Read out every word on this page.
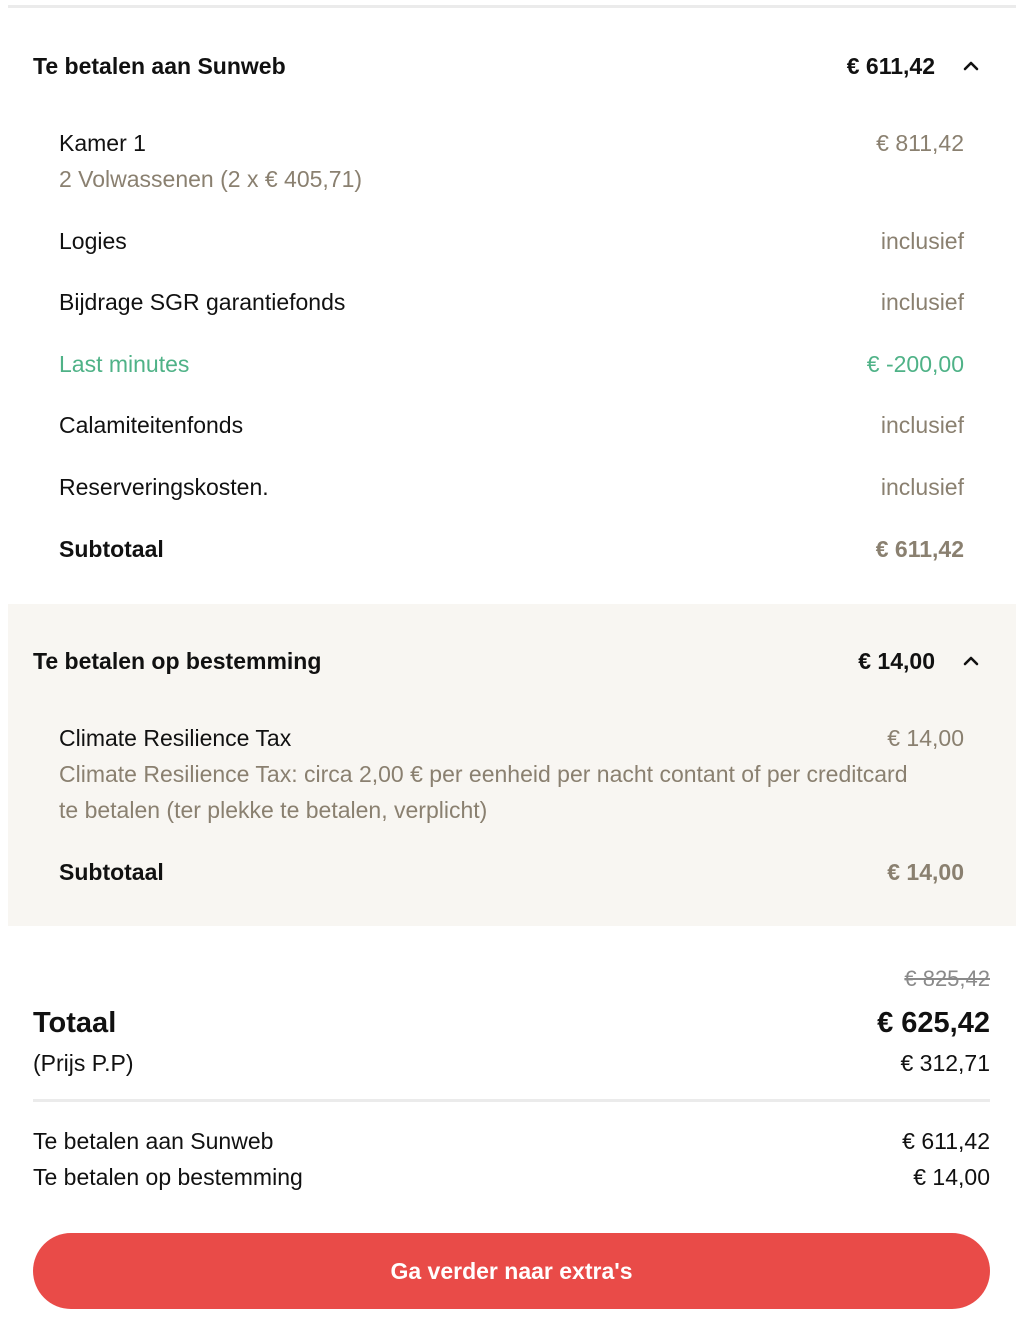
Te betalen aan Sunweb	€ 611,42
Kamer 1	€ 811,42
2 Volwassenen (2 x € 405,71)
Logies	inclusief
Bijdrage SGR garantiefonds	inclusief
Last minutes	€ -200,00
Calamiteitenfonds	inclusief
Reserveringskosten.	inclusief
Subtotaal	€ 611,42
Te betalen op bestemming	€ 14,00
Climate Resilience Tax	€ 14,00
Climate Resilience Tax: circa 2,00 € per eenheid per nacht contant of per creditcard te betalen (ter plekke te betalen, verplicht)
Subtotaal	€ 14,00
€ 825,42
Totaal	€ 625,42
(Prijs P.P)	€ 312,71
Te betalen aan Sunweb	€ 611,42
Te betalen op bestemming	€ 14,00
Ga verder naar extra's
